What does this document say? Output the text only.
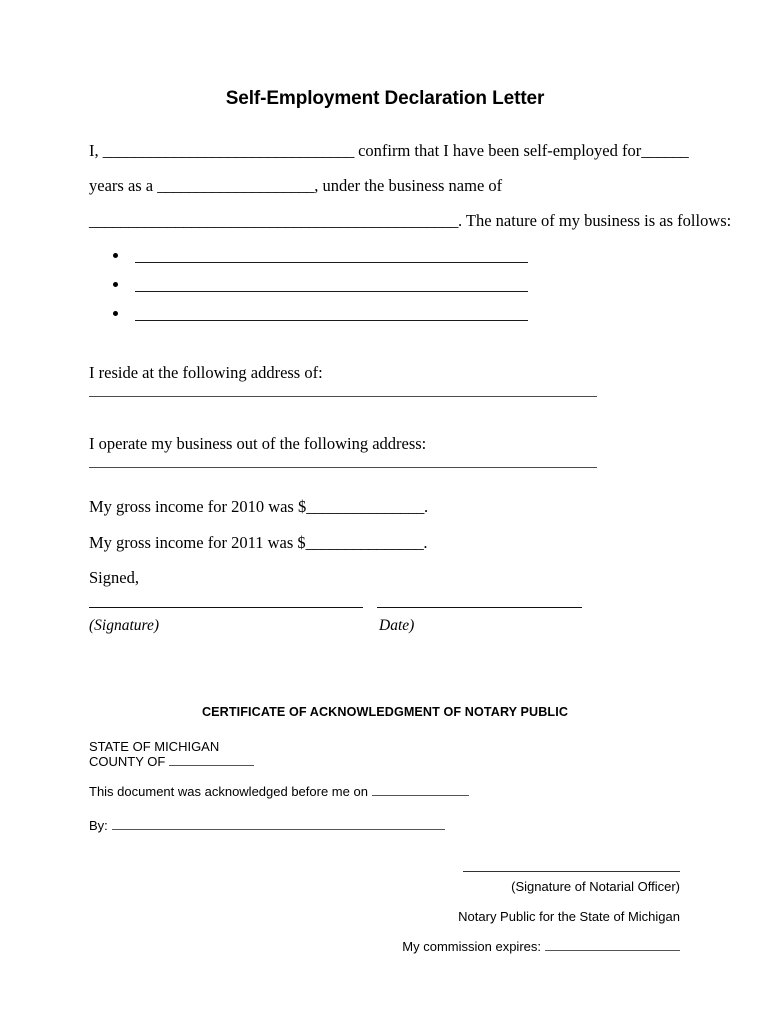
Self-Employment Declaration Letter
I, ________________________________ confirm that I have been self-employed for______
years as a ____________________, under the business name of
_______________________________________________. The nature of my business is as follows:
I reside at the following address of:
I operate my business out of the following address:
My gross income for 2010 was $_______________.
My gross income for 2011 was $_______________.
Signed,
(Signature)	Date)
CERTIFICATE OF ACKNOWLEDGMENT OF NOTARY PUBLIC
STATE OF MICHIGAN
COUNTY OF
This document was acknowledged before me on
By:
(Signature of Notarial Officer)
Notary Public for the State of Michigan
My commission expires:
